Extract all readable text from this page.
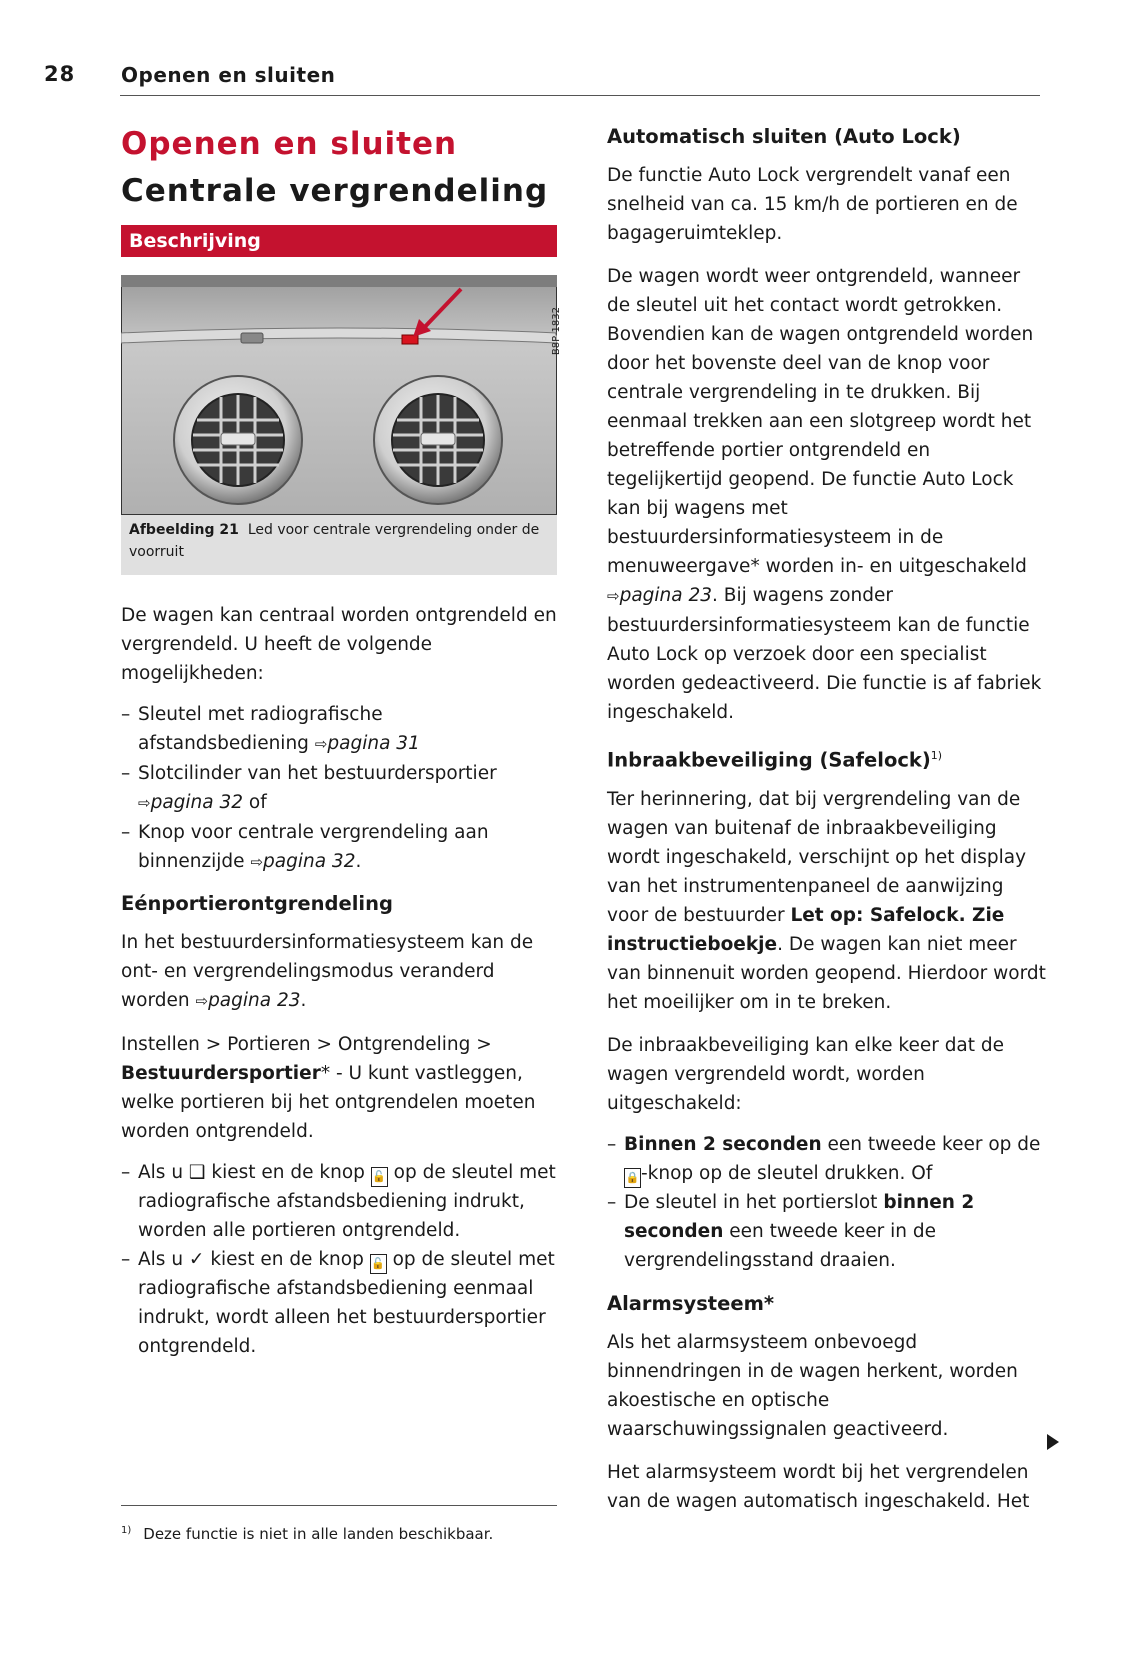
28 Openen en sluiten
Openen en sluiten
Centrale vergrendeling
Beschrijving
B8P-1832
Afbeelding 21 Led voor centrale vergrendeling onder de voorruit

De wagen kan centraal worden ontgrendeld en vergrendeld. U heeft de volgende mogelijkheden:

– Sleutel met radiografische afstandsbediening ⇨pagina 31
– Slotcilinder van het bestuurdersportier ⇨pagina 32 of
– Knop voor centrale vergrendeling aan binnenzijde ⇨pagina 32.
Eénportierontgrendeling

In het bestuurdersinformatiesysteem kan de ont- en vergrendelingsmodus veranderd worden ⇨pagina 23.

Instellen > Portieren > Ontgrendeling > Bestuurdersportier* - U kunt vastleggen, welke portieren bij het ontgrendelen moeten worden ontgrendeld.

– Als u ❑ kiest en de knop 🔓 op de sleutel met radiografische afstandsbediening indrukt, worden alle portieren ontgrendeld.
– Als u ✓ kiest en de knop 🔓 op de sleutel met radiografische afstandsbediening eenmaal indrukt, wordt alleen het bestuurdersportier ontgrendeld.
Automatisch sluiten (Auto Lock)

De functie Auto Lock vergrendelt vanaf een snelheid van ca. 15 km/h de portieren en de bagageruimteklep.

De wagen wordt weer ontgrendeld, wanneer de sleutel uit het contact wordt getrokken. Bovendien kan de wagen ontgrendeld worden door het bovenste deel van de knop voor centrale vergrendeling in te drukken. Bij eenmaal trekken aan een slotgreep wordt het betreffende portier ontgrendeld en tegelijkertijd geopend. De functie Auto Lock kan bij wagens met bestuurdersinformatiesysteem in de menuweergave* worden in- en uitgeschakeld ⇨pagina 23. Bij wagens zonder bestuurdersinformatiesysteem kan de functie Auto Lock op verzoek door een specialist worden gedeactiveerd. Die functie is af fabriek ingeschakeld.

Inbraakbeveiliging (Safelock)$^{1)}$

Ter herinnering, dat bij vergrendeling van de wagen van buitenaf de inbraakbeveiliging wordt ingeschakeld, verschijnt op het display van het instrumentenpaneel de aanwijzing voor de bestuurder Let op: Safelock. Zie instructieboekje. De wagen kan niet meer van binnenuit worden geopend. Hierdoor wordt het moeilijker om in te breken.

De inbraakbeveiliging kan elke keer dat de wagen vergrendeld wordt, worden uitgeschakeld:

– Binnen 2 seconden een tweede keer op de 🔒-knop op de sleutel drukken. Of
– De sleutel in het portierslot binnen 2 seconden een tweede keer in de vergrendelingsstand draaien.
Alarmsysteem*

Als het alarmsysteem onbevoegd binnendringen in de wagen herkent, worden akoestische en optische waarschuwingssignalen geactiveerd.

Het alarmsysteem wordt bij het vergrendelen van de wagen automatisch ingeschakeld. Het

$^{1)}$ Deze functie is niet in alle landen beschikbaar.
